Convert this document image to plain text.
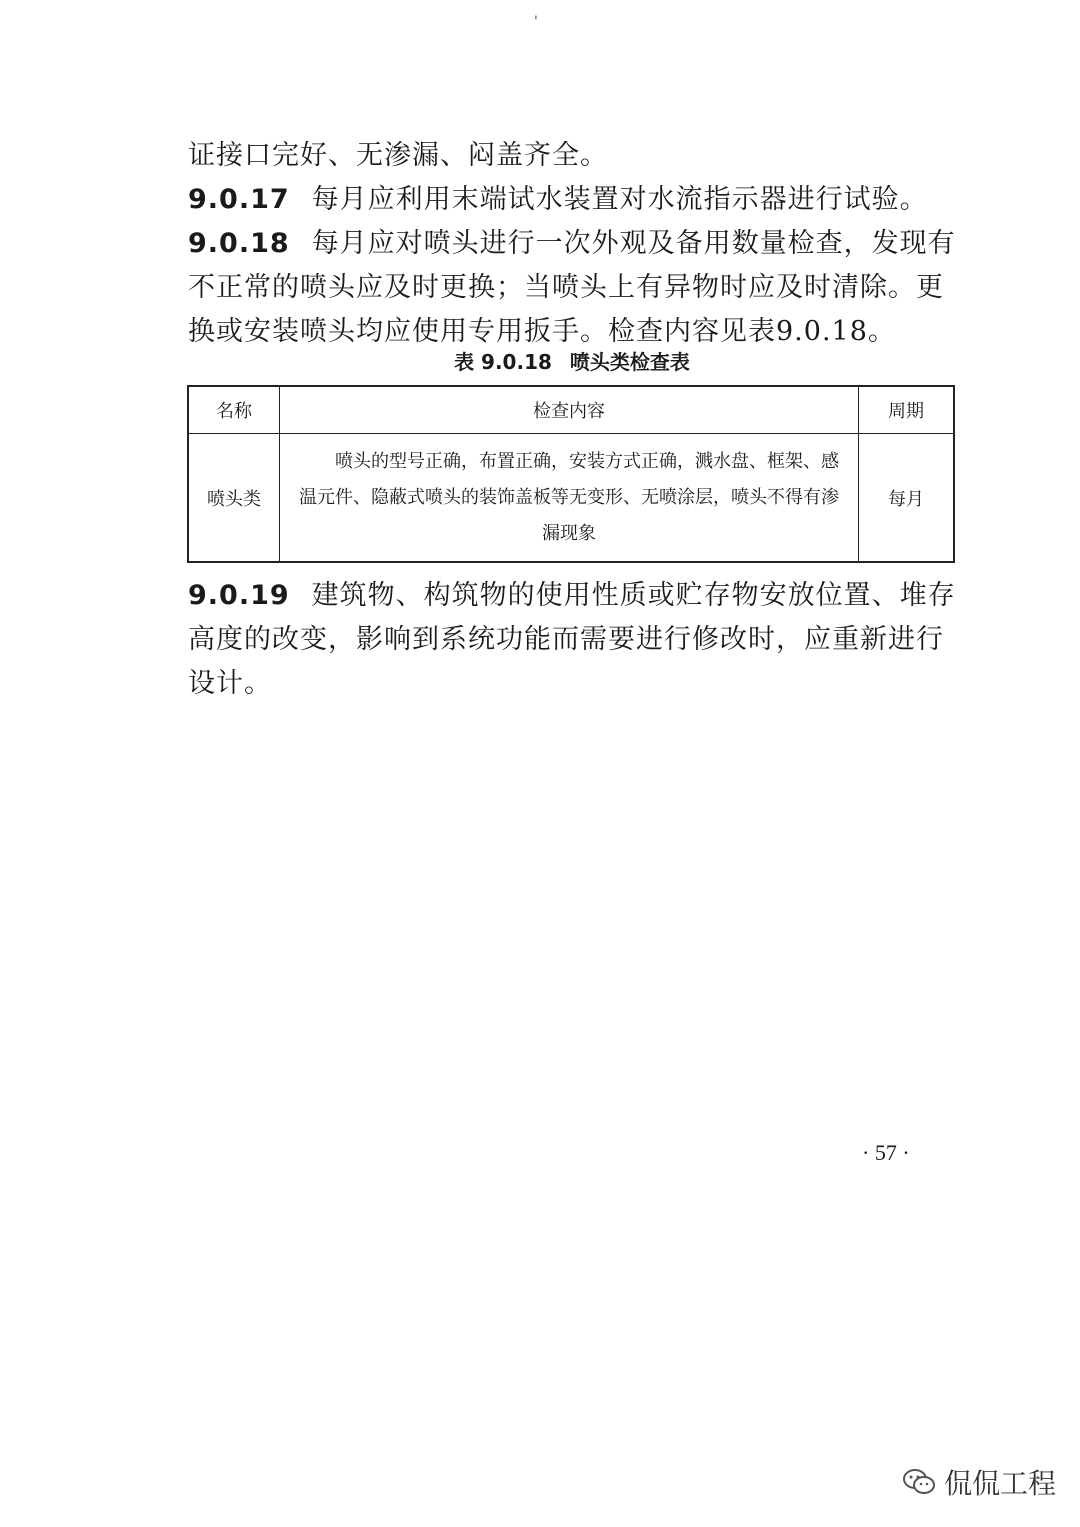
'

证接口完好、无渗漏、闷盖齐全。

9.0.17 每月应利用末端试水装置对水流指示器进行试验。

9.0.18 每月应对喷头进行一次外观及备用数量检查，发现有不正常的喷头应及时更换；当喷头上有异物时应及时清除。更换或安装喷头均应使用专用扳手。检查内容见表9.0.18。

表 9.0.18 喷头类检查表
名称	检查内容	周期
喷头类	喷头的型号正确，布置正确，安装方式正确，溅水盘、框架、感温元件、隐蔽式喷头的装饰盖板等无变形、无喷涂层，喷头不得有渗漏现象	每月

9.0.19 建筑物、构筑物的使用性质或贮存物安放位置、堆存高度的改变，影响到系统功能而需要进行修改时，应重新进行设计。

· 57 ·
侃侃工程
